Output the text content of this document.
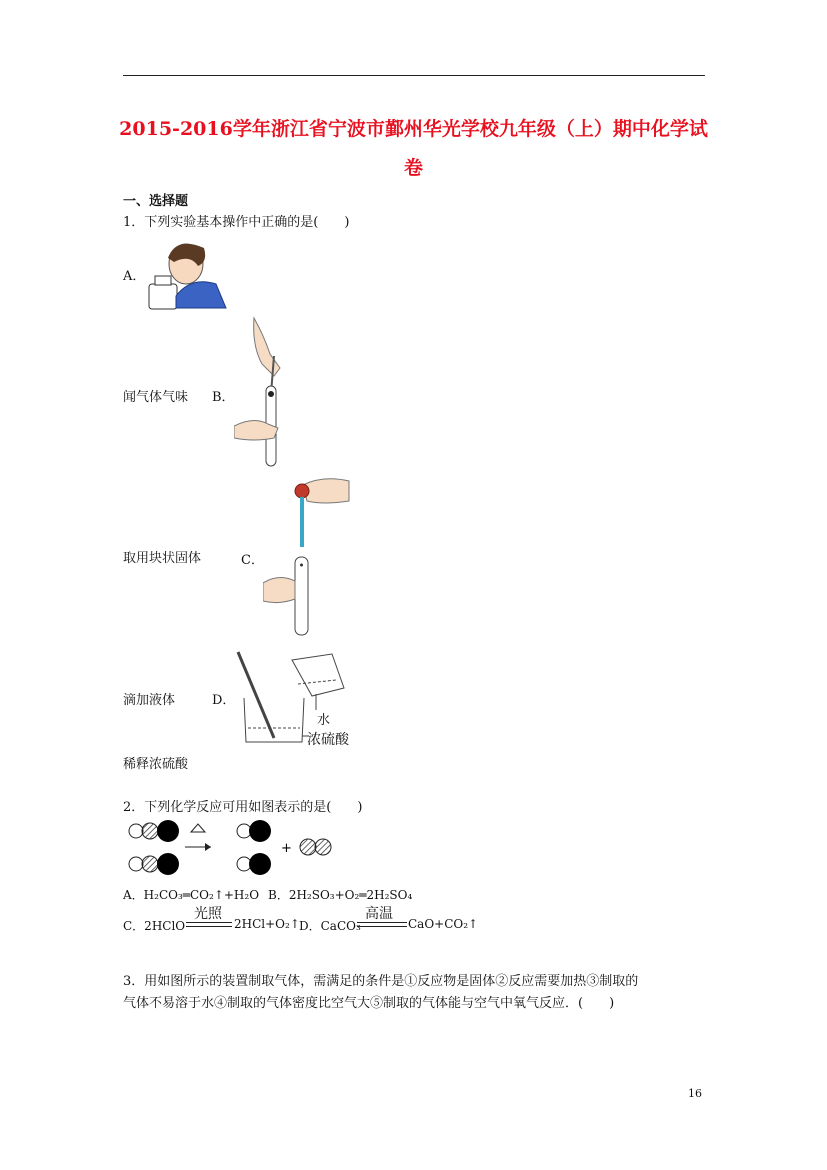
2015-2016学年浙江省宁波市鄞州华光学校九年级（上）期中化学试
卷
一、选择题
1．下列实验基本操作中正确的是(　　)
A．
闻气体气味 B．
取用块状固体	C．
滴加液体	D．
水
浓硫酸
稀释浓硫酸
2．下列化学反应可用如图表示的是(　　)
+
A．H₂CO₃═CO₂↑+H₂O B．2H₂SO₃+O₂═2H₂SO₄
C．2HClO
光照
2HCl+O₂↑ D．CaCO₃
高温
CaO+CO₂↑
3．用如图所示的装置制取气体，需满足的条件是①反应物是固体②反应需要加热③制取的
气体不易溶于水④制取的气体密度比空气大⑤制取的气体能与空气中氧气反应．(　　)
16
